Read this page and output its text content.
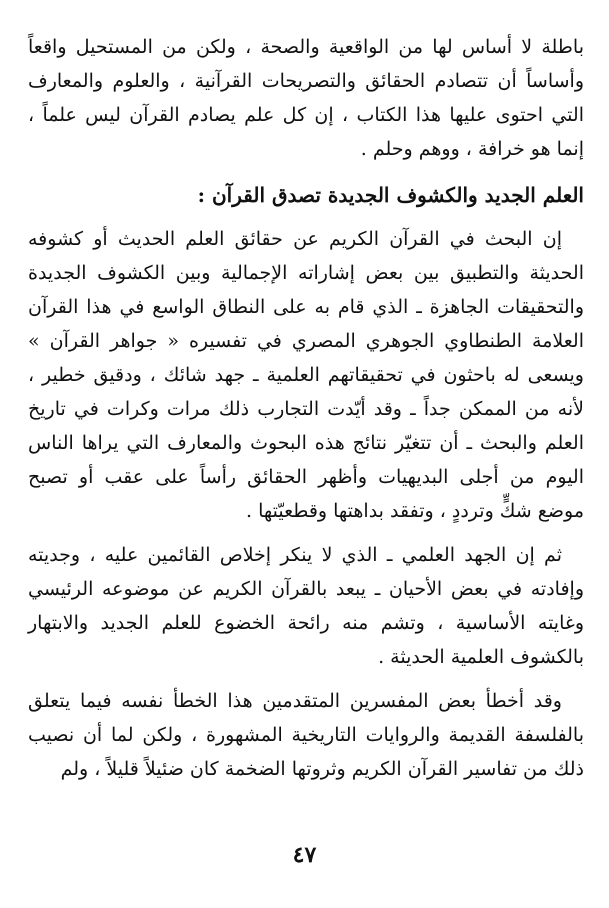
باطلة لا أساس لها من الواقعية والصحة ، ولكن من المستحيل واقعاً وأساساً أن تتصادم الحقائق والتصريحات القرآنية ، والعلوم والمعارف التي احتوى عليها هذا الكتاب ، إن كل علم يصادم القرآن ليس علماً ، إنما هو خرافة ، ووهم وحلم .

العلم الجديد والكشوف الجديدة تصدق القرآن :

إن البحث في القرآن الكريم عن حقائق العلم الحديث أو كشوفه الحديثة والتطبيق بين بعض إشاراته الإجمالية وبين الكشوف الجديدة والتحقيقات الجاهزة ـ الذي قام به على النطاق الواسع في هذا القرآن العلامة الطنطاوي الجوهري المصري في تفسيره « جواهر القرآن » ويسعى له باحثون في تحقيقاتهم العلمية ـ جهد شائك ، ودقيق خطير ، لأنه من الممكن جداً ـ وقد أيّدت التجارب ذلك مرات وكرات في تاريخ العلم والبحث ـ أن تتغيّر نتائج هذه البحوث والمعارف التي يراها الناس اليوم من أجلى البديهيات وأظهر الحقائق رأساً على عقب أو تصبح موضع شكٍّ وترددٍ ، وتفقد بداهتها وقطعيّتها .

ثم إن الجهد العلمي ـ الذي لا ينكر إخلاص القائمين عليه ، وجديته وإفادته في بعض الأحيان ـ يبعد بالقرآن الكريم عن موضوعه الرئيسي وغايته الأساسية ، وتشم منه رائحة الخضوع للعلم الجديد والابتهار بالكشوف العلمية الحديثة .

وقد أخطأ بعض المفسرين المتقدمين هذا الخطأ نفسه فيما يتعلق بالفلسفة القديمة والروايات التاريخية المشهورة ، ولكن لما أن نصيب ذلك من تفاسير القرآن الكريم وثروتها الضخمة كان ضئيلاً قليلاً ، ولم

٤٧
